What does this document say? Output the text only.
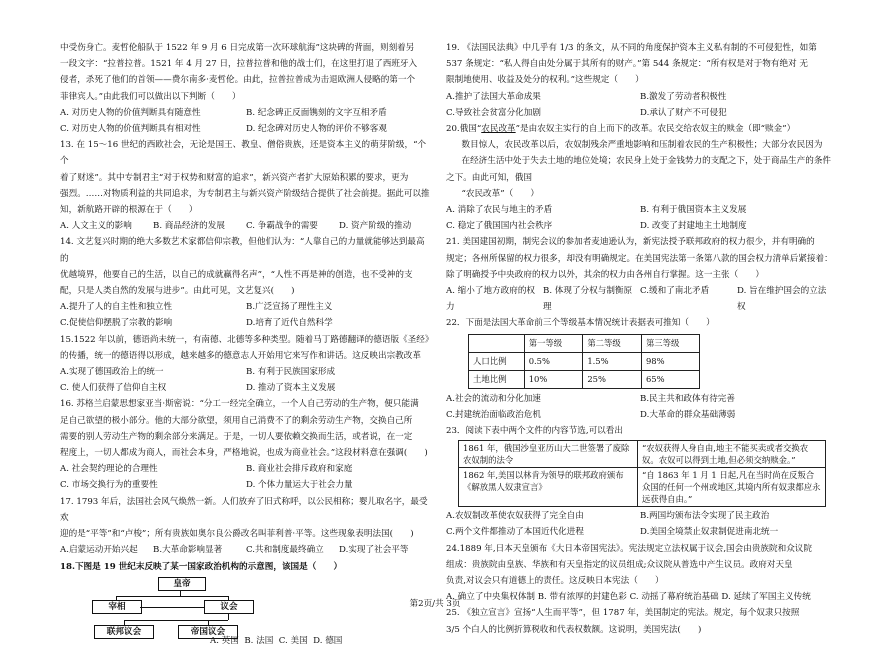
中受伤身亡。麦哲伦船队于 1522 年 9 月 6 日完成第一次环球航海”这块碑的背面，则刻着另

一段文字：“拉普拉普。1521 年 4 月 27 日，拉普拉普和他的战士们，在这里打退了西班牙入

侵者，杀死了他们的首领——费尔南多·麦哲伦。由此，拉普拉普成为击退欧洲人侵略的第一个

菲律宾人。”由此我们可以做出以下判断（　　）

A. 对历史人物的价值判断具有随意性	B. 纪念碑正反面镌刻的文字互相矛盾
C. 对历史人物的价值判断具有相对性	D. 纪念碑对历史人物的评价不够客观

13. 在 15～16 世纪的西欧社会，无论是国王、教皇、僧俗贵族，还是资本主义的萌芽阶级，“个个

着了财迷”。其中专制君主“对于权势和财富的追求”，新兴资产者扩大原始积累的要求，更为

强烈。……对物质利益的共同追求，为专制君主与新兴资产阶级结合提供了社会前提。据此可以推

知，新航路开辟的根源在于（　　）

A. 人文主义的影响	B. 商品经济的发展	C. 争霸战争的需要	D. 资产阶级的推动

14. 文艺复兴时期的绝大多数艺术家都信仰宗教，但他们认为：“人靠自己的力量就能够达到最高的

优越境界，他要自己的生活，以自己的成就赢得名声”，“人性不再是神的创造，也不受神的支

配，只是人类自然的发展与进步”。由此可见，文艺复兴(　　)

A.提升了人的自主性和独立性	B.广泛宣扬了理性主义
C.促使信仰摆脱了宗教的影响	D.培育了近代自然科学

15.1522 年以前，德语尚未统一，有南德、北德等多种类型。随着马丁路德翻译的德语版《圣经》

的传播，统一的德语得以形成，越来越多的德意志人开始用它来写作和讲话。这反映出宗教改革

A.实现了德国政治上的统一	B. 有利于民族国家形成
C. 使人们获得了信仰自主权	D. 推动了资本主义发展

16. 苏格兰启蒙思想家亚当·斯密说：“分工一经完全确立，一个人自己劳动的生产物，便只能满

足自己欲望的极小部分。他的大部分欲望，须用自己消费不了的剩余劳动生产物，交换自己所

需要的别人劳动生产物的剩余部分来满足。于是，一切人要依赖交换而生活，或者说，在一定

程度上，一切人都成为商人，而社会本身，严格地说，也成为商业社会。”这段材料意在强调(　　)

A. 社会契约理论的合理性	B. 商业社会排斥政府和家庭
C. 市场交换行为的重要性	D. 个体力量运大于社会力量

17. 1793 年后，法国社会风气焕然一新。人们放弃了旧式称呼，以公民相称；婴儿取名字，最受欢

迎的是“平等”和“卢梭”；所有贵族如奥尔良公爵改名叫菲利普·平等。这些现象表明法国(　　)

A.启蒙运动开始兴起	B.大革命影响显著	C.共和制度最终确立	D.实现了社会平等

18.下图是 19 世纪末反映了某一国家政治机构的示意图，该国是（　　）

皇帝
宰相	议会
联邦议会	帝国议会
A. 英国 B. 法国 C. 美国 D. 德国

19. 《法国民法典》中几乎有 1/3 的条文，从不同的角度保护资本主义私有制的不可侵犯性，如第

537 条规定：“私人得自由处分属于其所有的财产。”第 544 条规定：“所有权是对于物有绝对 无

限制地使用、收益及处分的权利。”这些规定（　　）

A.推护了法国大革命成果	B.激发了劳动者积极性
C.导致社会贫富分化加剧	D.承认了财产不可侵犯

20.俄国“农民改革”是由农奴主实行的自上而下的改革。农民交给农奴主的赎金（即“赎金”）

数目惊人，农民改革以后，农奴制残余严重地影响和压制着农民的生产积极性；大部分农民因为

在经济生活中处于失去土地的地位处境；农民身上处于金钱势力的支配之下，处于商品生产的条件之下。由此可知，俄国

“农民改革”（　　）

A. 消除了农民与地主的矛盾	B. 有利于俄国资本主义发展
C. 稳定了俄国国内社会秩序	D. 改变了封建地主土地制度

21. 美国建国初期，制宪会议的参加者麦迪逊认为，新宪法授予联邦政府的权力很少，并有明确的

规定；各州所保留的权力很多，却没有明确规定。在美国宪法第一条第八款的国会权力清单后紧接着：

除了明确授予中央政府的权力以外，其余的权力由各州自行掌握。这一主张（　　）

A. 缩小了地方政府的权力
B. 体现了分权与制衡原理
C.缓和了南北矛盾	D. 旨在维护国会的立法权

22．下面是法国大革命前三个等级基本情况统计表据表可推知（　　）

	第一等级	第二等级	第三等级
人口比例	0.5%	1.5%	98%
土地比例	10%	25%	65%
A.社会的流动和分化加速	B.民主共和政体有待完善
C.封建统治面临政治危机	D.大革命的群众基础薄弱

23．阅读下表中两个文件的内容节选,可以看出

1861 年，俄国沙皇亚历山大二世签署了废除农奴制的法令	“农奴获得人身自由,地主不能买卖或者交换农奴。农奴可以得到土地,但必须交纳赎金。”
1862 年,美国以林肯为领导的联邦政府颁布《解放黑人奴隶宣言》	“自 1863 年 1 月 1 日起,凡在当时尚在反叛合众国的任何一个州或地区,其境内所有奴隶都应永远获得自由。”
A.农奴制改革使农奴获得了完全自由	B.两国均颁布法令实现了民主政治
C.两个文件都推动了本国近代化进程	D.美国全境禁止奴隶制促进南北统一

24.1889 年,日本天皇颁布《大日本帝国宪法》。宪法规定立法权属于议会,国会由贵族院和众议院

组成：贵族院由皇族、华族和有天皇指定的议员组成;众议院从普选中产生议员。政府对天皇

负责,对议会只有道德上的责任。这反映日本宪法（　　）

A. 确立了中央集权体制 B. 带有浓厚的封建色彩 C. 动摇了幕府统治基础 D. 延续了军国主义传统

25. 《独立宣言》宣扬“人生而平等”，但 1787 年，美国制定的宪法。规定，每个奴隶只按照

3/5 个白人的比例折算税收和代表权数额。这说明，美国宪法(　　)

第2页/共 3页
